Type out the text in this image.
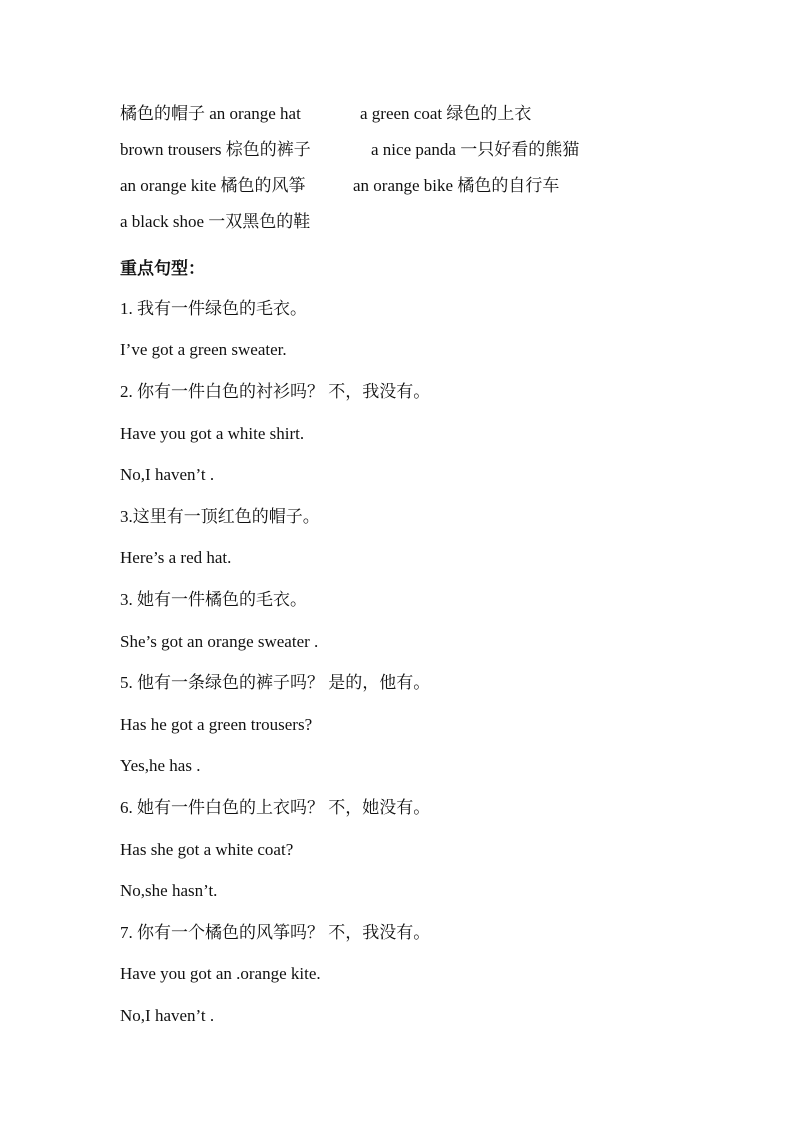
橘色的帽子 an orange hat	a green coat 绿色的上衣
brown trousers 棕色的裤子	a nice panda 一只好看的熊猫
an orange kite 橘色的风筝	an orange bike 橘色的自行车
a black shoe 一双黑色的鞋
重点句型：
1. 我有一件绿色的毛衣。
I’ve got a green sweater.
2. 你有一件白色的衬衫吗？ 不，我没有。
Have you got a white shirt.
No,I haven’t .
3.这里有一顶红色的帽子。
Here’s a red hat.
3. 她有一件橘色的毛衣。
She’s got an orange sweater .
5. 他有一条绿色的裤子吗？ 是的，他有。
Has he got a green trousers?
Yes,he has .
6. 她有一件白色的上衣吗？ 不，她没有。
Has she got a white coat?
No,she hasn’t.
7. 你有一个橘色的风筝吗？ 不，我没有。
Have you got an .orange kite.
No,I haven’t .
